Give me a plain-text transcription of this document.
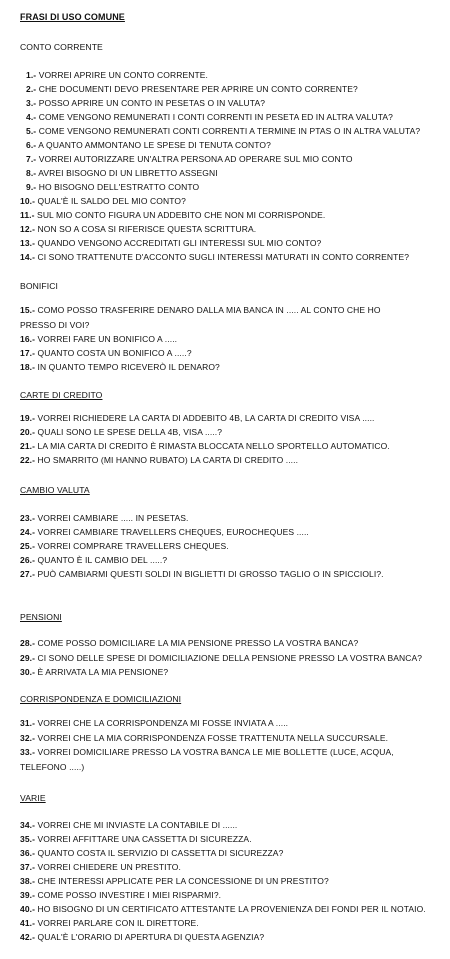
FRASI DI USO COMUNE
CONTO CORRENTE
1.- VORREI APRIRE UN CONTO CORRENTE.
2.- CHE DOCUMENTI DEVO PRESENTARE PER APRIRE UN CONTO CORRENTE?
3.- POSSO APRIRE UN CONTO IN PESETAS O IN VALUTA?
4.- COME VENGONO REMUNERATI I CONTI CORRENTI IN PESETA ED IN ALTRA VALUTA?
5.- COME VENGONO REMUNERATI CONTI CORRENTI A TERMINE IN PTAS O IN ALTRA VALUTA?
6.- A QUANTO AMMONTANO LE SPESE DI TENUTA CONTO?
7.- VORREI AUTORIZZARE UN'ALTRA PERSONA AD OPERARE SUL MIO CONTO
8.- AVREI BISOGNO DI UN LIBRETTO ASSEGNI
9.- HO BISOGNO DELL'ESTRATTO CONTO
10.- QUAL'È IL SALDO DEL MIO CONTO?
11.- SUL MIO CONTO FIGURA UN ADDEBITO CHE NON MI CORRISPONDE.
12.- NON SO A COSA SI RIFERISCE QUESTA SCRITTURA.
13.- QUANDO VENGONO ACCREDITATI GLI INTERESSI SUL MIO CONTO?
14.- CI SONO TRATTENUTE D'ACCONTO SUGLI INTERESSI MATURATI IN CONTO CORRENTE?
BONIFICI
15.- COMO POSSO TRASFERIRE DENARO DALLA MIA BANCA IN ..... AL CONTO CHE HO
PRESSO DI VOI?
16.- VORREI FARE UN BONIFICO A .....
17.- QUANTO COSTA UN BONIFICO A .....?
18.- IN QUANTO TEMPO RICEVERÒ IL DENARO?
CARTE DI CREDITO
19.- VORREI RICHIEDERE LA CARTA DI ADDEBITO 4B, LA CARTA DI CREDITO VISA .....
20.- QUALI SONO LE SPESE DELLA 4B, VISA .....?
21.- LA MIA CARTA DI CREDITO È RIMASTA BLOCCATA NELLO SPORTELLO AUTOMATICO.
22.- HO SMARRITO (MI HANNO RUBATO) LA CARTA DI CREDITO .....
CAMBIO VALUTA
23.- VORREI CAMBIARE ..... IN PESETAS.
24.- VORREI CAMBIARE TRAVELLERS CHEQUES, EUROCHEQUES .....
25.- VORREI COMPRARE TRAVELLERS CHEQUES.
26.- QUANTO È IL CAMBIO DEL .....?
27.- PUÒ CAMBIARMI QUESTI SOLDI IN BIGLIETTI DI GROSSO TAGLIO O IN SPICCIOLI?.
PENSIONI
28.- COME POSSO DOMICILIARE LA MIA PENSIONE PRESSO LA VOSTRA BANCA?
29.- CI SONO DELLE SPESE DI DOMICILIAZIONE DELLA PENSIONE PRESSO LA VOSTRA BANCA?
30.- È ARRIVATA LA MIA PENSIONE?
CORRISPONDENZA E DOMICILIAZIONI
31.- VORREI CHE LA CORRISPONDENZA MI FOSSE INVIATA A .....
32.- VORREI CHE LA MIA CORRISPONDENZA FOSSE TRATTENUTA NELLA SUCCURSALE.
33.- VORREI DOMICILIARE PRESSO LA VOSTRA BANCA LE MIE BOLLETTE (LUCE, ACQUA,
TELEFONO .....)
VARIE
34.- VORREI CHE MI INVIASTE LA CONTABILE DI ......
35.- VORREI AFFITTARE UNA CASSETTA DI SICUREZZA.
36.- QUANTO COSTA IL SERVIZIO DI CASSETTA DI SICUREZZA?
37.- VORREI CHIEDERE UN PRESTITO.
38.- CHE INTERESSI APPLICATE PER LA CONCESSIONE DI UN PRESTITO?
39.- COME POSSO INVESTIRE I MIEI RISPARMI?.
40.- HO BISOGNO DI UN CERTIFICATO ATTESTANTE LA PROVENIENZA DEI FONDI PER IL NOTAIO.
41.- VORREI PARLARE CON IL DIRETTORE.
42.- QUAL'È L'ORARIO DI APERTURA DI QUESTA AGENZIA?
